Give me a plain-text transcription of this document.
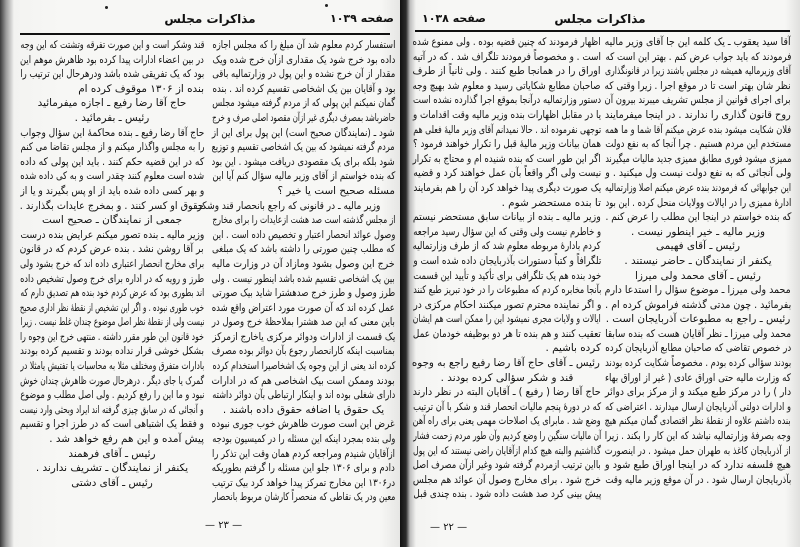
مذاکرات مجلس	صفحه ۱۰۳۹
استفسار کردم معلوم شد آن مبلغ را که مجلس اجازه
داده بود خرج شود یک مقداری ازآن خرج شده ویک
مقدار از آن خرج نشده و این پول در وزارتمالیه باقی
بود و آقایان بین یک اشخاصی تقسیم کرده اند . بنده
گمان نمیکنم این پولی که از مردم گرفته میشود مجلس
حاضرباشد بمصرف دیگری غیر ازآن مقصود اصلی صرف و خرج
شود ـ (نمایندگان صحیح است) این پول برای این از
مردم گرفته نمیشود که بین یک اشخاصی تقسیم و توزیع
شود بلکه برای یک مقصودی دریافت میشود . این بود
که بنده خواستم از آقای وزیر مالیه سؤال کنم آیا این
مسئله صحیح است یا خیر ؟
وزیر مالیه ـ در قانونی که راجع بانحصار قند وشکر
از مجلس گذشته است صد هشت ازعایدات را برای مخارج
وصول عوائد انحصار اعتبار و تخصیص داده است . این
که مطلب چنین صورتی را داشته باشد که یک مبلغی
خرج این وصول بشود ومازاد آن در وزارت مالیه
بین یک اشخاصی تقسیم شده باشد اینطور نیست . ولی
طرز وصول و طرز خرج صدهشترا شاید بیک صورتی
عمل کرده اند که آن صورت مورد اعتراض واقع شده
باین معنی که این صد هشترا بملاحظهٔ خرج وصول در
یک قسمت از ادارات ودوائر مرکزی یاخارج ازمرکز
بمناسبت اینکه کارانحصار رجوع بآن دوائر بوده مصرف
کرده اند یعنی از این وجوه یک اشخاصیرا استخدام کرده
بودند وممکن است بیک اشخاصی هم که در ادارات
دارای شغلی بوده اند و اینکار ارتباطی بآن دوائر داشته
یک حقوق یا اضافه حقوق داده باشند .
غرض این است صورت ظاهرش خوب جوری نبوده
ولی بنده بمجرد اینکه این مسئله را در کمیسیون بودجه
ازآقایان شنیدم ومراجعه کردم همان وقت این تذکر را
دادم و برای ۱۳۰۶ جلو این مسئله را گرفتم بطوریکه
در۱۳۰۶ این مخارج تمرکز پیدا خواهد کرد بیک ترتیب
معین ودر یک نقاطی که منحصراً کارشان مربوط بانحصار
قند وشکر است و این صورت تفرقه وتشتت که این وجه
در بین اعضاء ادارات پیدا کرده بود ظاهرش موهم این
بود که یک تفریقی شده باشد ودرهرحال این ترتیب را
بنده از ۱۳۰۶ موقوف کرده ام
حاج آقا رضا رفیع ـ اجازه میفرمائید
رئیس ـ بفرمائید .
حاج آقا رضا رفیع ـ بنده محاکمهٔ این سؤال وجواب
را به مجلس واگذار میکنم و از مجلس تقاضا می کنم
که در این قضیه حکم کنند . باید این پولی که داده
شده است معلوم کنند چقدر است و به کی داده شده
و بهر کسی داده شده باید از او پس بگیرند و یا از
حقوق او کسر کنند . و بمخرج عایدات بگذارند .
جمعی از نمایندگان ـ صحیح است
وزیر مالیه ـ بنده تصور میکنم عرایض بنده درست
بر آقا روشن نشد . بنده عرض کردم که در قانون
برای مخارج انحصار اعتباری داده اند که خرج بشود ولی
طرز و رویه که در اداره برای خرج وصول تشخیص داده
اند بطوری بود که عرض کردم خود بنده هم تصدیق دارم که
خوب طوری نبوده . و اگر این تشخیص از نقطهٔ نظر اداری صحیح
نیست ولی از نقطهٔ نظر اصل موضوع چندان غلط نیست . زیرا
خود قانون این طور مقرر داشته . منتهی خرج این وجوه را
بشکل خوشی قرار نداده بودند و تقسیم کرده بودند
بادارات متفرق ومختلف مثلا به محاسبات یا تفتیش یامثلا در
گمرک یا جای دیگر . درهرحال صورت ظاهرش چندان خوش
نبود و ما این را رفع کردیم . ولی اصل مطلب و موضوع
و آنجائی که در سابق چیزی گرفته اند ایراد وبحثی وارد نیست
و فقط یک اشتباهی است که در طرز اجرا و تقسیم
پیش آمده و این هم رفع خواهد شد .
رئیس ـ آقای فرهمند
یکنفر از نمایندگان ـ تشریف ندارند .
رئیس ـ آقای دشتی
— ۲۳ —
مذاکرات مجلس
صفحه ۱۰۳۸
آقا سید یعقوب ـ یک کلمه این جا آقای وزیر مالیه
فرمودند که باید جواب عرض کنم . بهتر این است که
آقای وزیرمالیه همیشه در مجلس باشند زیرا در قانونگذاری
نظر شان بهتر است تا در موقع اجرا . زیرا وقتی که
برای اجرای قوانین از مجلس تشریف میبرند بیرون آن
روح قانون گذاری را ندارند . در اینجا میفرمایند
فلان شکایت میشود بنده عرض میکنم آقا شما و ما همه
مستخدم این مردم هستیم . چرا آنجا که به نفع دولت
ممیزی میشود فوری مطابق ممیزی جدید مالیات میگیرند
ولی آنجائی که به نفع دولت نیست ول میکنید . و
این جوابهائی که فرمودند بنده عرض میکنم اصلا وزارتمالیه
ادارهٔ ممیزی را در ایالات وولایات منحل کرده . این بود
که بنده خواستم در اینجا این مطلب را عرض کنم .
وزیر مالیه ـ خیر اینطور نیست .
رئیس ـ آقای فهیمی
یکنفر از نمایندگان ـ حاضر نیستند .
رئیس ـ آقای محمد ولی میرزا
محمد ولی میرزا ـ موضوع سؤال را استدعا دارم
بفرمائید . چون مدتی گذشته فراموش کرده ام .
رئیس ـ راجع به مطبوعات آذربایجان است .
محمد ولی میرزا ـ نظر آقایان هست که بنده سابقا
در خصوص تقاضی که صاحبان مطابع آذربایجان کرده
بودند سؤالی کرده بودم . مخصوصاً شکایت کرده بودند
که وزارت مالیه حتی اوراق عادی ( غیر از اوراق بهاء
دار ) را در مرکز طبع میکند و از مرکز برای دوائر
و ادارات دولتی آذربایجان ارسال میدارند . اعتراضی که
بنده داشتم علاوه از نقطهٔ نظر اقتصادی گمان میکنم هیچ
وجه بصرفهٔ وزارتمالیه نباشد که این کار را بکند . زیرا
از آذربایجان کاغذ به طهران حمل میشود . در اینصورت
هیچ فلسفه ندارد که در اینجا اوراق طبع شود و
بآذربایجان ارسال شود . در آن موقع وزیر مالیه وقت
اظهار فرمودند که چنین قضیه بوده . ولی ممنوع شده
است . و مخصوصاً فرمودند تلگراف شد . که در آتیه
اوراق را در همانجا طبع کنند . ولی ثانیاً از طرف
صاحبان مطابع شکایاتی رسید و معلوم شد بهیچ وجه
دستور وزارتمالیه درآنجا بموقع اجرا گذارده نشده است
یا در مقابل اظهارات بنده وزیر مالیه وقت اقدامات و
توجهی نفرموده اند . حالا نمیدانم آقای وزیر مالیهٔ فعلی هم
همان بیانات وزیر مالیهٔ قبل را تکرار خواهند فرمود ؟
اگر این طور است که بنده شنیده ام و محتاج به تکرار
نیست ولی اگر واقعاً بآن عمل خواهند کرد و قضیه
یک صورت دیگری پیدا خواهد کرد آن را هم بفرمایند
تا بنده مستحضر شوم .
وزیر مالیه ـ بنده از بیانات سابق مستحضر نیستم
و خاطرم نیست ولی وقتی که این سؤال رسید مراجعه
کردم بادارهٔ مربوطه معلوم شد که از طرف وزارتمالیه
تلگرافاً و کتباً دستورات بآذربایجان داده شده است و
خود بنده هم یک تلگرافی برای تأکید و تأیید این قسمت
بآنجا مخابره کردم که مطبوعات را در خود تبریز طبع کنند
و اگر نماینده محترم تصور میکنند احکام مرکزی در
ایالات و ولایات مجری نمیشود این را ممکن است هم ایشان
تعقیب کنند و هم بنده تا هر دو بوظیفه خودمان عمل
کرده باشیم .
رئیس ـ آقای حاج آقا رضا رفیع راجع به وجوه
قند و شکر سؤالی کرده بودند .
حاج آقا رضا ( رفیع ) ـ آقایان البته در نظر دارند
که در دورهٔ پنجم مالیات انحصار قند و شکر با آن ترتیب
وضع شد . مابرای یک اصلاحات مهمی یعنی برای راه آهن
آن مالیات سنگین را وضع کردیم وآن طور مردم زحمت فشار
گذاشتیم والبته هیچ کدام ازآقایان راضی نیستند که این پول
بااین ترتیب ازمردم گرفته شود وغیر ازآن مصرف اصل
خرج شود . برای مخارج وصول آن عوائد هم مجلس
پیش بینی کرد صد هشت داده شود . بنده چندی قبل
— ۲۲ —
